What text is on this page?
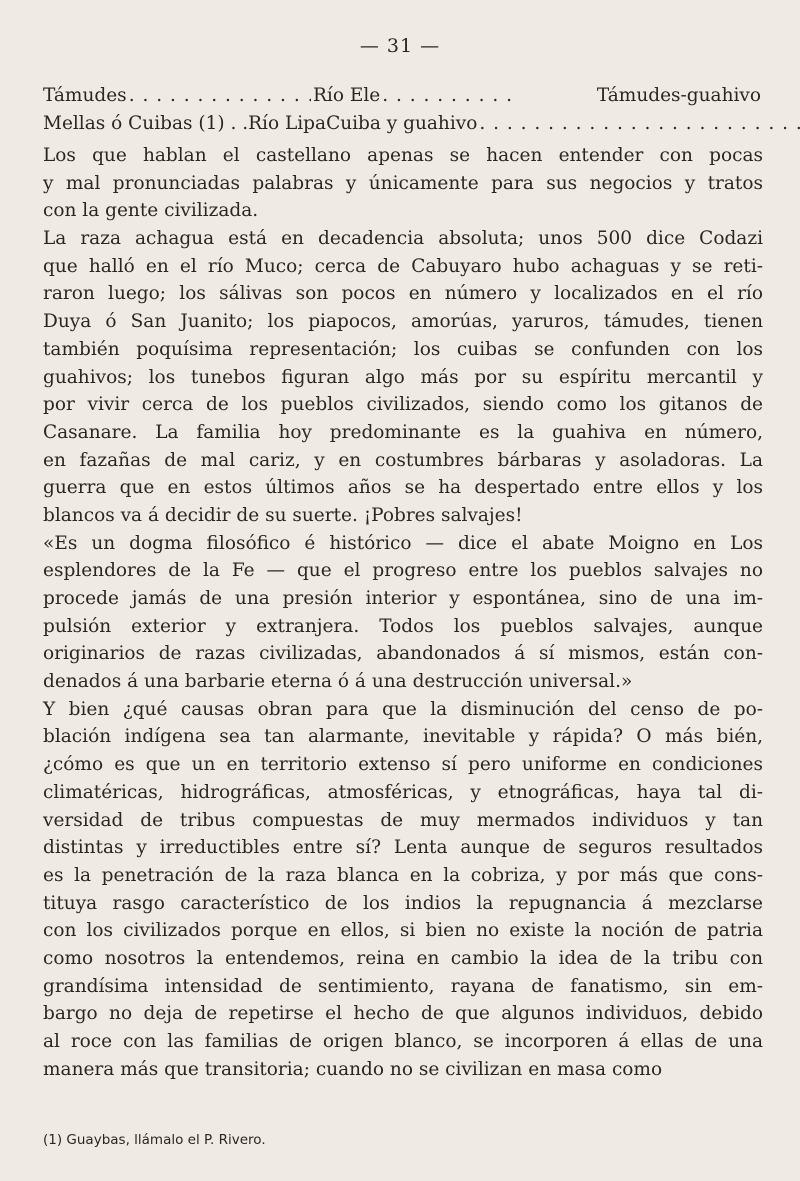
— 31 —
Támudes . . .	Río Ele . . .	Támudes-guahivo
Mellas ó Cuibas (1) . . Río Lipa Cuiba y guahivo
. . .
Los que hablan el castellano apenas se hacen entender con pocas
y mal pronunciadas palabras y únicamente para sus negocios y tratos
con la gente civilizada.
La raza achagua está en decadencia absoluta; unos 500 dice Codazi
que halló en el río Muco; cerca de Cabuyaro hubo achaguas y se reti-
raron luego; los sálivas son pocos en número y localizados en el río
Duya ó San Juanito; los piapocos, amorúas, yaruros, támudes, tienen
también poquísima representación; los cuibas se confunden con los
guahivos; los tunebos figuran algo más por su espíritu mercantil y
por vivir cerca de los pueblos civilizados, siendo como los gitanos de
Casanare. La familia hoy predominante es la guahiva en número,
en fazañas de mal cariz, y en costumbres bárbaras y asoladoras. La
guerra que en estos últimos años se ha despertado entre ellos y los
blancos va á decidir de su suerte. ¡Pobres salvajes!
«Es un dogma filosófico é histórico — dice el abate Moigno en Los
esplendores de la Fe — que el progreso entre los pueblos salvajes no
procede jamás de una presión interior y espontánea, sino de una im-
pulsión exterior y extranjera. Todos los pueblos salvajes, aunque
originarios de razas civilizadas, abandonados á sí mismos, están con-
denados á una barbarie eterna ó á una destrucción universal.»
Y bien ¿qué causas obran para que la disminución del censo de po-
blación indígena sea tan alarmante, inevitable y rápida? O más bién,
¿cómo es que un en territorio extenso sí pero uniforme en condiciones
climatéricas, hidrográficas, atmosféricas, y etnográficas, haya tal di-
versidad de tribus compuestas de muy mermados individuos y tan
distintas y irreductibles entre sí? Lenta aunque de seguros resultados
es la penetración de la raza blanca en la cobriza, y por más que cons-
tituya rasgo característico de los indios la repugnancia á mezclarse
con los civilizados porque en ellos, si bien no existe la noción de patria
como nosotros la entendemos, reina en cambio la idea de la tribu con
grandísima intensidad de sentimiento, rayana de fanatismo, sin em-
bargo no deja de repetirse el hecho de que algunos individuos, debido
al roce con las familias de origen blanco, se incorporen á ellas de una
manera más que transitoria; cuando no se civilizan en masa como
(1) Guaybas, llámalo el P. Rivero.
